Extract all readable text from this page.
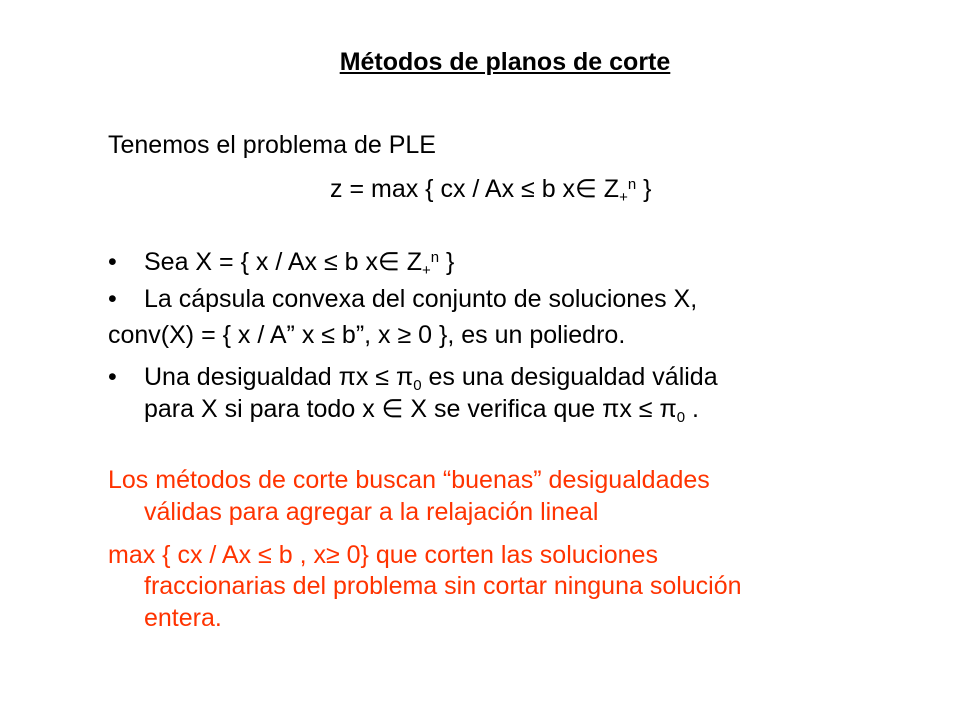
Métodos de planos de corte
Tenemos el problema de PLE
z = max { cx / Ax ≤ b x∈ $Z_+^n$ }
• Sea X = { x / Ax ≤ b x∈ $Z_+^n$ }
• La cápsula convexa del conjunto de soluciones X,
conv(X) = { x / A” x ≤ b”, x ≥ 0 }, es un poliedro.
• Una desigualdad $\pi x \le \pi_0$ es una desigualdad válida
para X si para todo x ∈ X se verifica que $\pi x \le \pi_0$ .
Los métodos de corte buscan “buenas” desigualdades
válidas para agregar a la relajación lineal
max { cx / Ax ≤ b , x≥ 0} que corten las soluciones
fraccionarias del problema sin cortar ninguna solución
entera.
